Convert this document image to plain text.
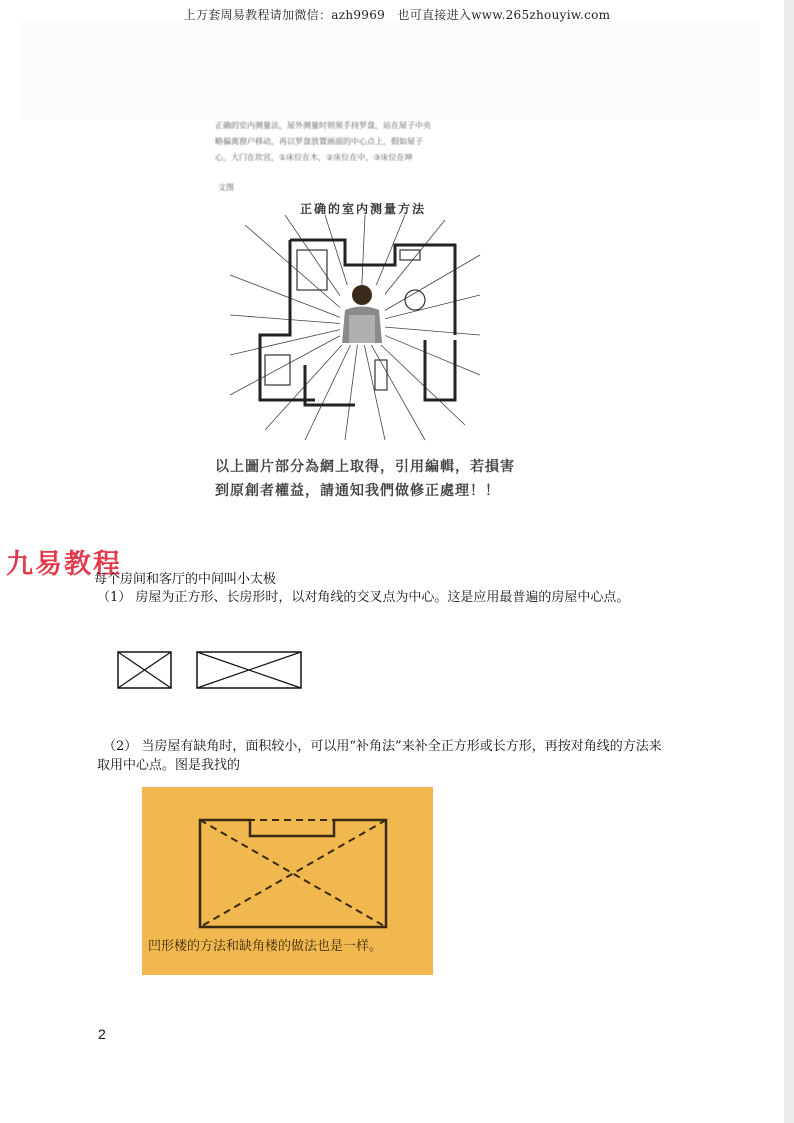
上万套周易教程请加微信：azh9969　也可直接进入www.265zhouyiw.com
正确的室内测量法，屋外测量时则须手持罗盘，站在屋子中央
略偏离窗户移动，再以罗盘放置画面的中心点上，假如屋子
心，大门在坎宫，①床位在木，②床位在中，③床位在坤
文图
正确的室内测量方法
以上圖片部分為網上取得，引用編輯，若損害到原創者權益，請通知我們做修正處理！！
九易教程
每个房间和客厅的中间叫小太极
（1） 房屋为正方形、长房形时，以对角线的交叉点为中心。这是应用最普遍的房屋中心点。
（2） 当房屋有缺角时，面积较小，可以用“补角法”来补全正方形或长方形，再按对角线的方法来
取用中心点。图是我找的
凹形楼的方法和缺角楼的做法也是一样。
2
